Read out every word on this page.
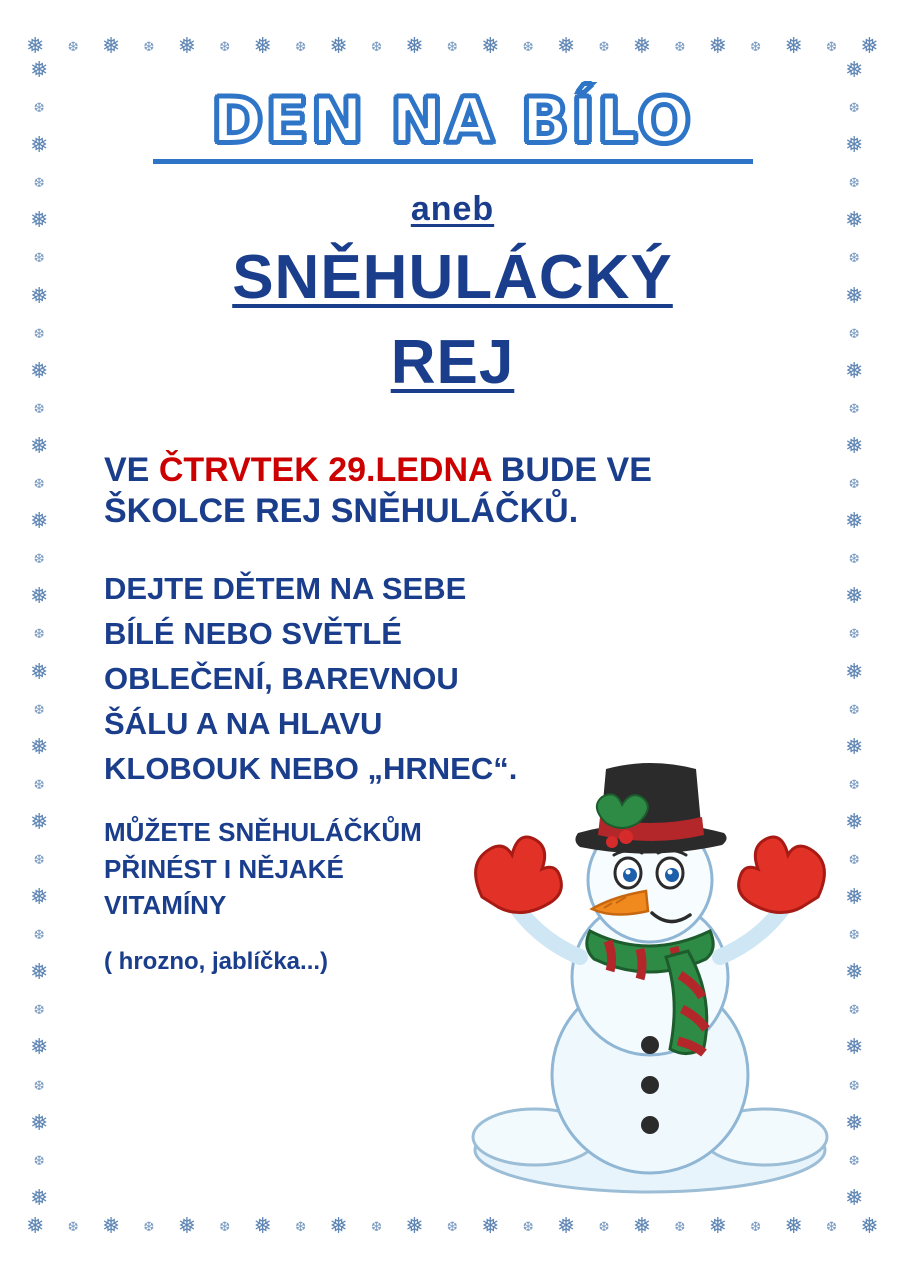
❅ ❆ ❅ ❆ ❅ ❆ ❅ ❆ ❅ ❆ ❅ ❆ ❅ ❆ ❅ ❆ ❅ ❆ ❅ ❆ ❅ ❆ ❅
❅ ❆ ❅ ❆ ❅ ❆ ❅ ❆ ❅ ❆ ❅ ❆ ❅ ❆ ❅ ❆ ❅ ❆ ❅ ❆ ❅ ❆ ❅
❅
❆
❅
❆
❅
❆
❅
❆
❅
❆
❅
❆
❅
❆
❅
❆
❅
❆
❅
❆
❅
❆
❅
❆
❅
❆
❅
❆
❅
❆
❅
❅
❆
❅
❆
❅
❆
❅
❆
❅
❆
❅
❆
❅
❆
❅
❆
❅
❆
❅
❆
❅
❆
❅
❆
❅
❆
❅
❆
❅
❆
❅
DEN NA BÍLO
aneb
SNĚHULÁCKÝ
REJ

VE ČTRVTEK 29.LEDNA BUDE VE ŠKOLCE REJ SNĚHULÁČKŮ.

DEJTE DĚTEM NA SEBE BÍLÉ NEBO SVĚTLÉ OBLEČENÍ, BAREVNOU ŠÁLU A NA HLAVU KLOBOUK NEBO „HRNEC“.

MŮŽETE SNĚHULÁČKŮM PŘINÉST I NĚJAKÉ VITAMÍNY

( hrozno, jablíčka...)
